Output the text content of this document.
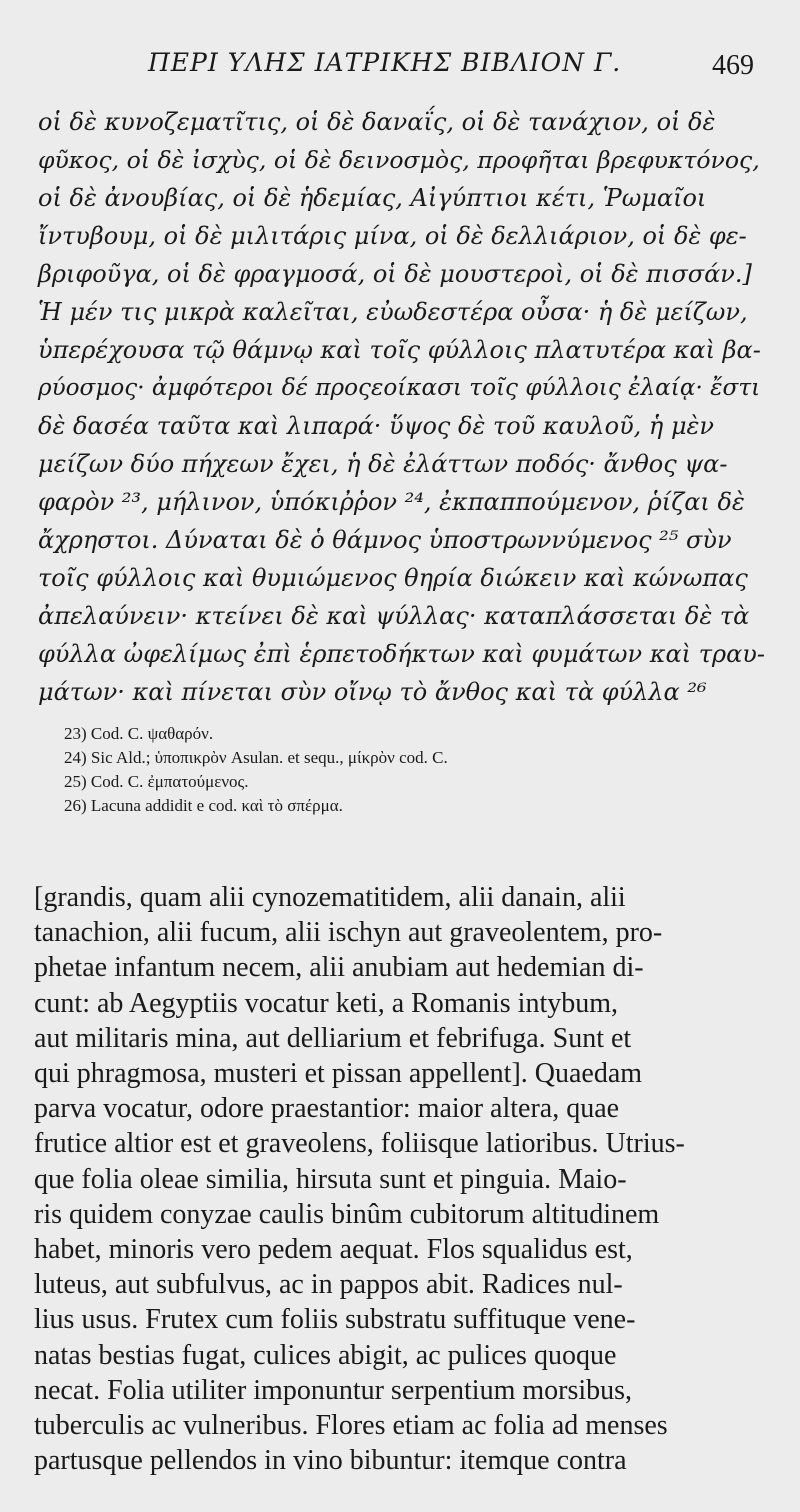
ΠΕΡΙ ΥΛΗΣ ΙΑΤΡΙΚΗΣ ΒΙΒΛΙΟΝ Γ.	469
οἱ δὲ κυνοζεματῖτις, οἱ δὲ δαναΐς, οἱ δὲ τανάχιον, οἱ δὲ
φῦκος, οἱ δὲ ἰσχὺς, οἱ δὲ δεινοσμὸς, προφῆται βρεφυκτόνος,
οἱ δὲ ἀνουβίας, οἱ δὲ ἡδεμίας, Αἰγύπτιοι κέτι, Ῥωμαῖοι
ἴντυβουμ, οἱ δὲ μιλιτάρις μίνα, οἱ δὲ δελλιάριον, οἱ δὲ φε-
βριφοῦγα, οἱ δὲ φραγμοσά, οἱ δὲ μουστεροὶ, οἱ δὲ πισσάν.]
Ἡ μέν τις μικρὰ καλεῖται, εὐωδεστέρα οὖσα· ἡ δὲ μείζων,
ὑπερέχουσα τῷ θάμνῳ καὶ τοῖς φύλλοις πλατυτέρα καὶ βα-
ρύοσμος· ἀμφότεροι δέ προςεοίκασι τοῖς φύλλοις ἐλαίᾳ· ἔστι
δὲ δασέα ταῦτα καὶ λιπαρά· ὕψος δὲ τοῦ καυλοῦ, ἡ μὲν
μείζων δύο πήχεων ἔχει, ἡ δὲ ἐλάττων ποδός· ἄνθος ψα-
φαρὸν ²³, μήλινον, ὑπόκιῤῥον ²⁴, ἐκπαππούμενον, ῥίζαι δὲ
ἄχρηστοι. Δύναται δὲ ὁ θάμνος ὑποστρωννύμενος ²⁵ σὺν
τοῖς φύλλοις καὶ θυμιώμενος θηρία διώκειν καὶ κώνωπας
ἀπελαύνειν· κτείνει δὲ καὶ ψύλλας· καταπλάσσεται δὲ τὰ
φύλλα ὠφελίμως ἐπὶ ἑρπετοδήκτων καὶ φυμάτων καὶ τραυ-
μάτων· καὶ πίνεται σὺν οἴνῳ τὸ ἄνθος καὶ τὰ φύλλα ²⁶
23) Cod. C. ψαθαρόν.
24) Sic Ald.; ὑποπικρὸν Asulan. et sequ., μίκρὸν cod. C.
25) Cod. C. ἐμπατούμενος.
26) Lacuna addidit e cod. καὶ τὸ σπέρμα.
[grandis, quam alii cynozematitidem, alii danain, alii
tanachion, alii fucum, alii ischyn aut graveolentem, pro-
phetae infantum necem, alii anubiam aut hedemian di-
cunt: ab Aegyptiis vocatur keti, a Romanis intybum,
aut militaris mina, aut delliarium et febrifuga. Sunt et
qui phragmosa, musteri et pissan appellent]. Quaedam
parva vocatur, odore praestantior: maior altera, quae
frutice altior est et graveolens, foliisque latioribus. Utrius-
que folia oleae similia, hirsuta sunt et pinguia. Maio-
ris quidem conyzae caulis binûm cubitorum altitudinem
habet, minoris vero pedem aequat. Flos squalidus est,
luteus, aut subfulvus, ac in pappos abit. Radices nul-
lius usus. Frutex cum foliis substratu suffituque vene-
natas bestias fugat, culices abigit, ac pulices quoque
necat. Folia utiliter imponuntur serpentium morsibus,
tuberculis ac vulneribus. Flores etiam ac folia ad menses
partusque pellendos in vino bibuntur: itemque contra
